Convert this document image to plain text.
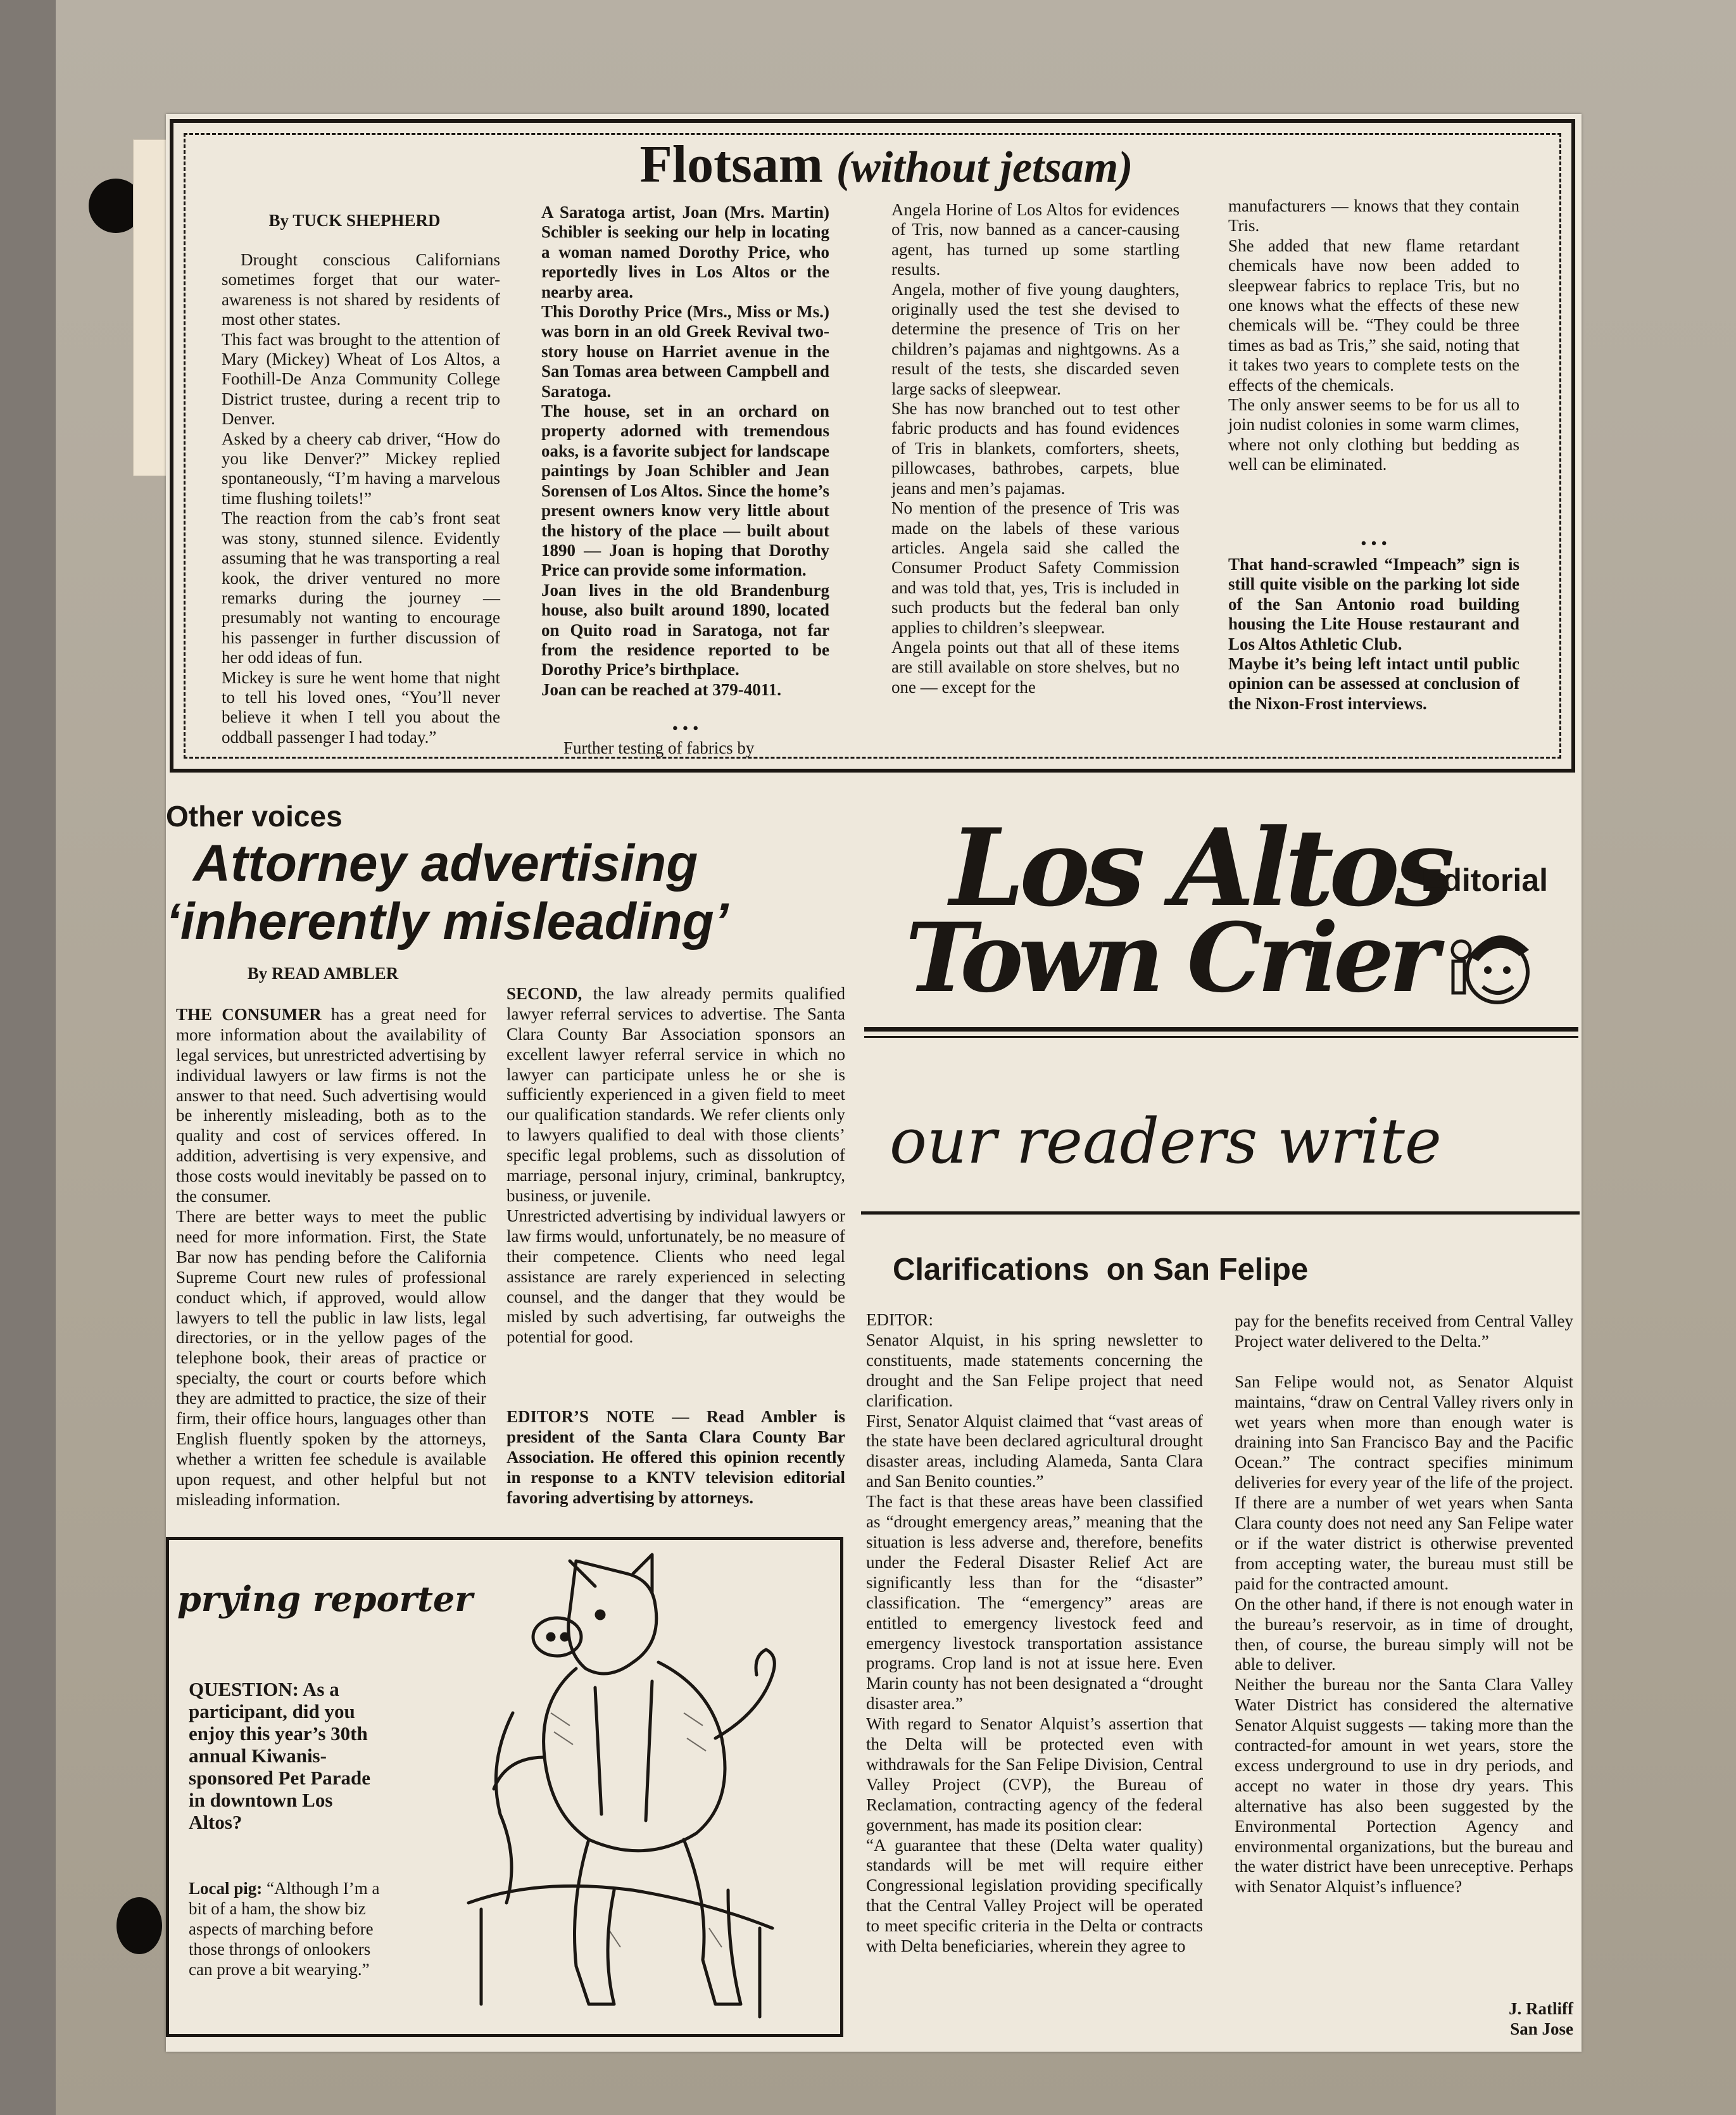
Flotsam (without jetsam)
By TUCK SHEPHERD
Drought conscious Californians sometimes forget that our water-awareness is not shared by residents of most other states.
This fact was brought to the attention of Mary (Mickey) Wheat of Los Altos, a Foothill-De Anza Community College District trustee, during a recent trip to Denver.
Asked by a cheery cab driver, “How do you like Denver?” Mickey replied spontaneously, “I’m having a marvelous time flushing toilets!”
The reaction from the cab’s front seat was stony, stunned silence. Evidently assuming that he was transporting a real kook, the driver ventured no more remarks during the journey — presumably not wanting to encourage his passenger in further discussion of her odd ideas of fun.
Mickey is sure he went home that night to tell his loved ones, “You’ll never believe it when I tell you about the oddball passenger I had today.”
A Saratoga artist, Joan (Mrs. Martin) Schibler is seeking our help in locating a woman named Dorothy Price, who reportedly lives in Los Altos or the nearby area.
This Dorothy Price (Mrs., Miss or Ms.) was born in an old Greek Revival two-story house on Harriet avenue in the San Tomas area between Campbell and Saratoga.
The house, set in an orchard on property adorned with tremendous oaks, is a favorite subject for landscape paintings by Joan Schibler and Jean Sorensen of Los Altos. Since the home’s present owners know very little about the history of the place — built about 1890 — Joan is hoping that Dorothy Price can provide some information.
Joan lives in the old Brandenburg house, also built around 1890, located on Quito road in Saratoga, not far from the residence reported to be Dorothy Price’s birthplace.
Joan can be reached at 379-4011.
• • •
Further testing of fabrics by
Angela Horine of Los Altos for evidences of Tris, now banned as a cancer-causing agent, has turned up some startling results.
Angela, mother of five young daughters, originally used the test she devised to determine the presence of Tris on her children’s pajamas and nightgowns. As a result of the tests, she discarded seven large sacks of sleepwear.
She has now branched out to test other fabric products and has found evidences of Tris in blankets, comforters, sheets, pillowcases, bathrobes, carpets, blue jeans and men’s pajamas.
No mention of the presence of Tris was made on the labels of these various articles. Angela said she called the Consumer Product Safety Commission and was told that, yes, Tris is included in such products but the federal ban only applies to children’s sleepwear.
Angela points out that all of these items are still available on store shelves, but no one — except for the
manufacturers — knows that they contain Tris.
She added that new flame retardant chemicals have now been added to sleepwear fabrics to replace Tris, but no one knows what the effects of these new chemicals will be. “They could be three times as bad as Tris,” she said, noting that it takes two years to complete tests on the effects of the chemicals.
The only answer seems to be for us all to join nudist colonies in some warm climes, where not only clothing but bedding as well can be eliminated.
• • •
That hand-scrawled “Impeach” sign is still quite visible on the parking lot side of the San Antonio road building housing the Lite House restaurant and Los Altos Athletic Club.
Maybe it’s being left intact until public opinion can be assessed at conclusion of the Nixon-Frost interviews.
Other voices
Attorney advertising
‘inherently misleading’
By READ AMBLER

THE CONSUMER has a great need for more information about the availability of legal services, but unrestricted advertising by individual lawyers or law firms is not the answer to that need. Such advertising would be inherently misleading, both as to the quality and cost of services offered. In addition, advertising is very expensive, and those costs would inevitably be passed on to the consumer.
There are better ways to meet the public need for more information. First, the State Bar now has pending before the California Supreme Court new rules of professional conduct which, if approved, would allow lawyers to tell the public in law lists, legal directories, or in the yellow pages of the telephone book, their areas of practice or specialty, the court or courts before which they are admitted to practice, the size of their firm, their office hours, languages other than English fluently spoken by the attorneys, whether a written fee schedule is available upon request, and other helpful but not misleading information.

SECOND, the law already permits qualified lawyer referral services to advertise. The Santa Clara County Bar Association sponsors an excellent lawyer referral service in which no lawyer can participate unless he or she is sufficiently experienced in a given field to meet our qualification standards. We refer clients only to lawyers qualified to deal with those clients’ specific legal problems, such as dissolution of marriage, personal injury, criminal, bankruptcy, business, or juvenile.
Unrestricted advertising by individual lawyers or law firms would, unfortunately, be no measure of their competence. Clients who need legal assistance are rarely experienced in selecting counsel, and the danger that they would be misled by such advertising, far outweighs the potential for good.

EDITOR’S NOTE — Read Ambler is president of the Santa Clara County Bar Association. He offered this opinion recently in response to a KNTV television editorial favoring advertising by attorneys.
Los Altos
Town Crier
Editorial
our readers write
Clarifications on San Felipe
EDITOR:
Senator Alquist, in his spring newsletter to constituents, made statements concerning the drought and the San Felipe project that need clarification.
First, Senator Alquist claimed that “vast areas of the state have been declared agricultural drought disaster areas, including Alameda, Santa Clara and San Benito counties.”
The fact is that these areas have been classified as “drought emergency areas,” meaning that the situation is less adverse and, therefore, benefits under the Federal Disaster Relief Act are significantly less than for the “disaster” classification. The “emergency” areas are entitled to emergency livestock feed and emergency livestock transportation assistance programs. Crop land is not at issue here. Even Marin county has not been designated a “drought disaster area.”
With regard to Senator Alquist’s assertion that the Delta will be protected even with withdrawals for the San Felipe Division, Central Valley Project (CVP), the Bureau of Reclamation, contracting agency of the federal government, has made its position clear:
“A guarantee that these (Delta water quality) standards will be met will require either Congressional legislation providing specifically that the Central Valley Project will be operated to meet specific criteria in the Delta or contracts with Delta beneficiaries, wherein they agree to
pay for the benefits received from Central Valley Project water delivered to the Delta.”

San Felipe would not, as Senator Alquist maintains, “draw on Central Valley rivers only in wet years when more than enough water is draining into San Francisco Bay and the Pacific Ocean.” The contract specifies minimum deliveries for every year of the life of the project. If there are a number of wet years when Santa Clara county does not need any San Felipe water or if the water district is otherwise prevented from accepting water, the bureau must still be paid for the contracted amount.
On the other hand, if there is not enough water in the bureau’s reservoir, as in time of drought, then, of course, the bureau simply will not be able to deliver.
Neither the bureau nor the Santa Clara Valley Water District has considered the alternative Senator Alquist suggests — taking more than the contracted-for amount in wet years, store the excess underground to use in dry periods, and accept no water in those dry years. This alternative has also been suggested by the Environmental Portection Agency and environmental organizations, but the bureau and the water district have been unreceptive. Perhaps with Senator Alquist’s influence?
J. Ratliff
San Jose
prying reporter
QUESTION: As a participant, did you enjoy this year’s 30th annual Kiwanis-sponsored Pet Parade in downtown Los Altos?

Local pig: “Although I’m a bit of a ham, the show biz aspects of marching before those throngs of onlookers can prove a bit wearying.”
